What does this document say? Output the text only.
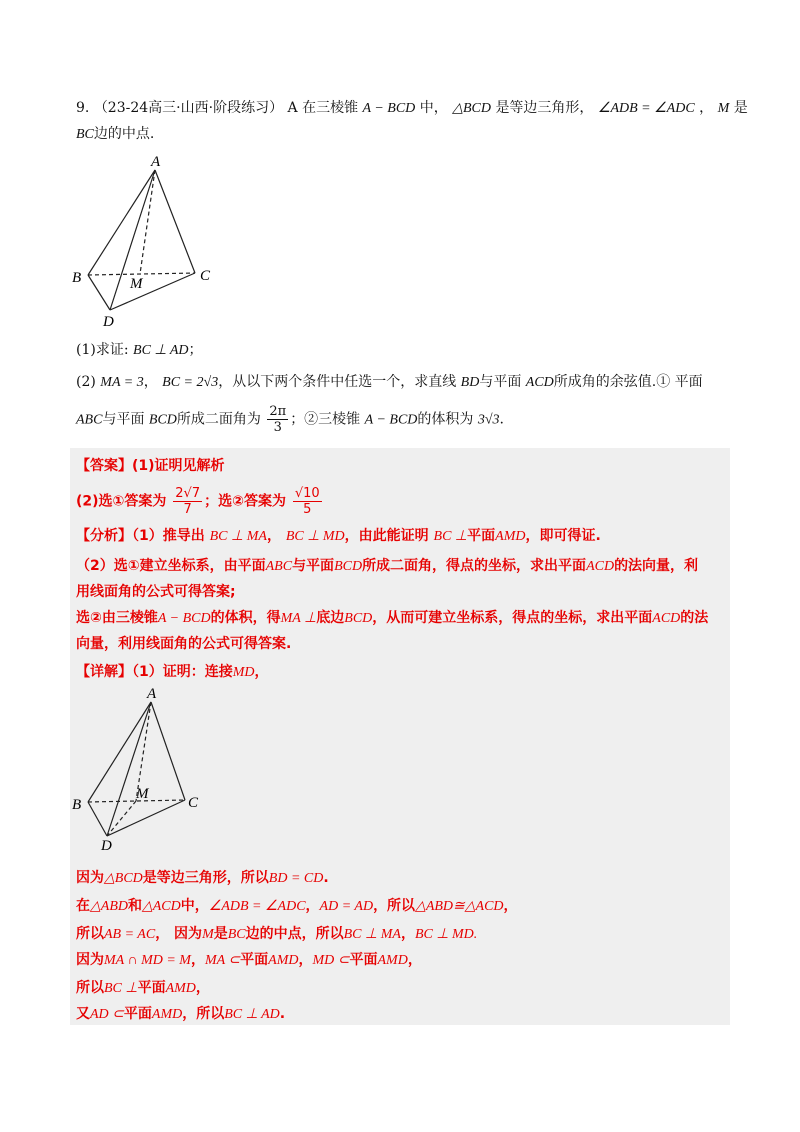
9. （23-24高三·山西·阶段练习） A 在三棱锥 A − BCD 中， △BCD 是等边三角形， ∠ADB = ∠ADC ， M 是
BC边的中点.
A
B	C
D
M
(1)求证: BC ⊥ AD；
(2) MA = 3， BC = 2√3，从以下两个条件中任选一个，求直线 BD与平面 ACD所成角的余弦值.① 平面
ABC与平面 BCD所成二面角为 $\frac{2\pi}{3}$ ；②三棱锥 A − BCD的体积为 3√3.
【答案】(1)证明见解析
(2)选①答案为 $\frac{2√7}{7}$ ；选②答案为 $\frac{√10}{5}$
【分析】（1）推导出 BC ⊥ MA， BC ⊥ MD，由此能证明 BC ⊥平面AMD，即可得证.
（2）选①建立坐标系，由平面ABC与平面BCD所成二面角，得点的坐标，求出平面ACD的法向量，利
用线面角的公式可得答案;
选②由三棱锥A − BCD的体积，得MA ⊥底边BCD，从而可建立坐标系，得点的坐标，求出平面ACD的法
向量，利用线面角的公式可得答案.
【详解】（1）证明：连接MD，
A
B	C
D
M
因为△BCD是等边三角形，所以BD = CD.
在△ABD和△ACD中，∠ADB = ∠ADC，AD = AD，所以△ABD≅△ACD，
所以AB = AC， 因为M是BC边的中点，所以BC ⊥ MA，BC ⊥ MD.
因为MA ∩ MD = M，MA ⊂平面AMD，MD ⊂平面AMD，
所以BC ⊥平面AMD，
又AD ⊂平面AMD，所以BC ⊥ AD.
